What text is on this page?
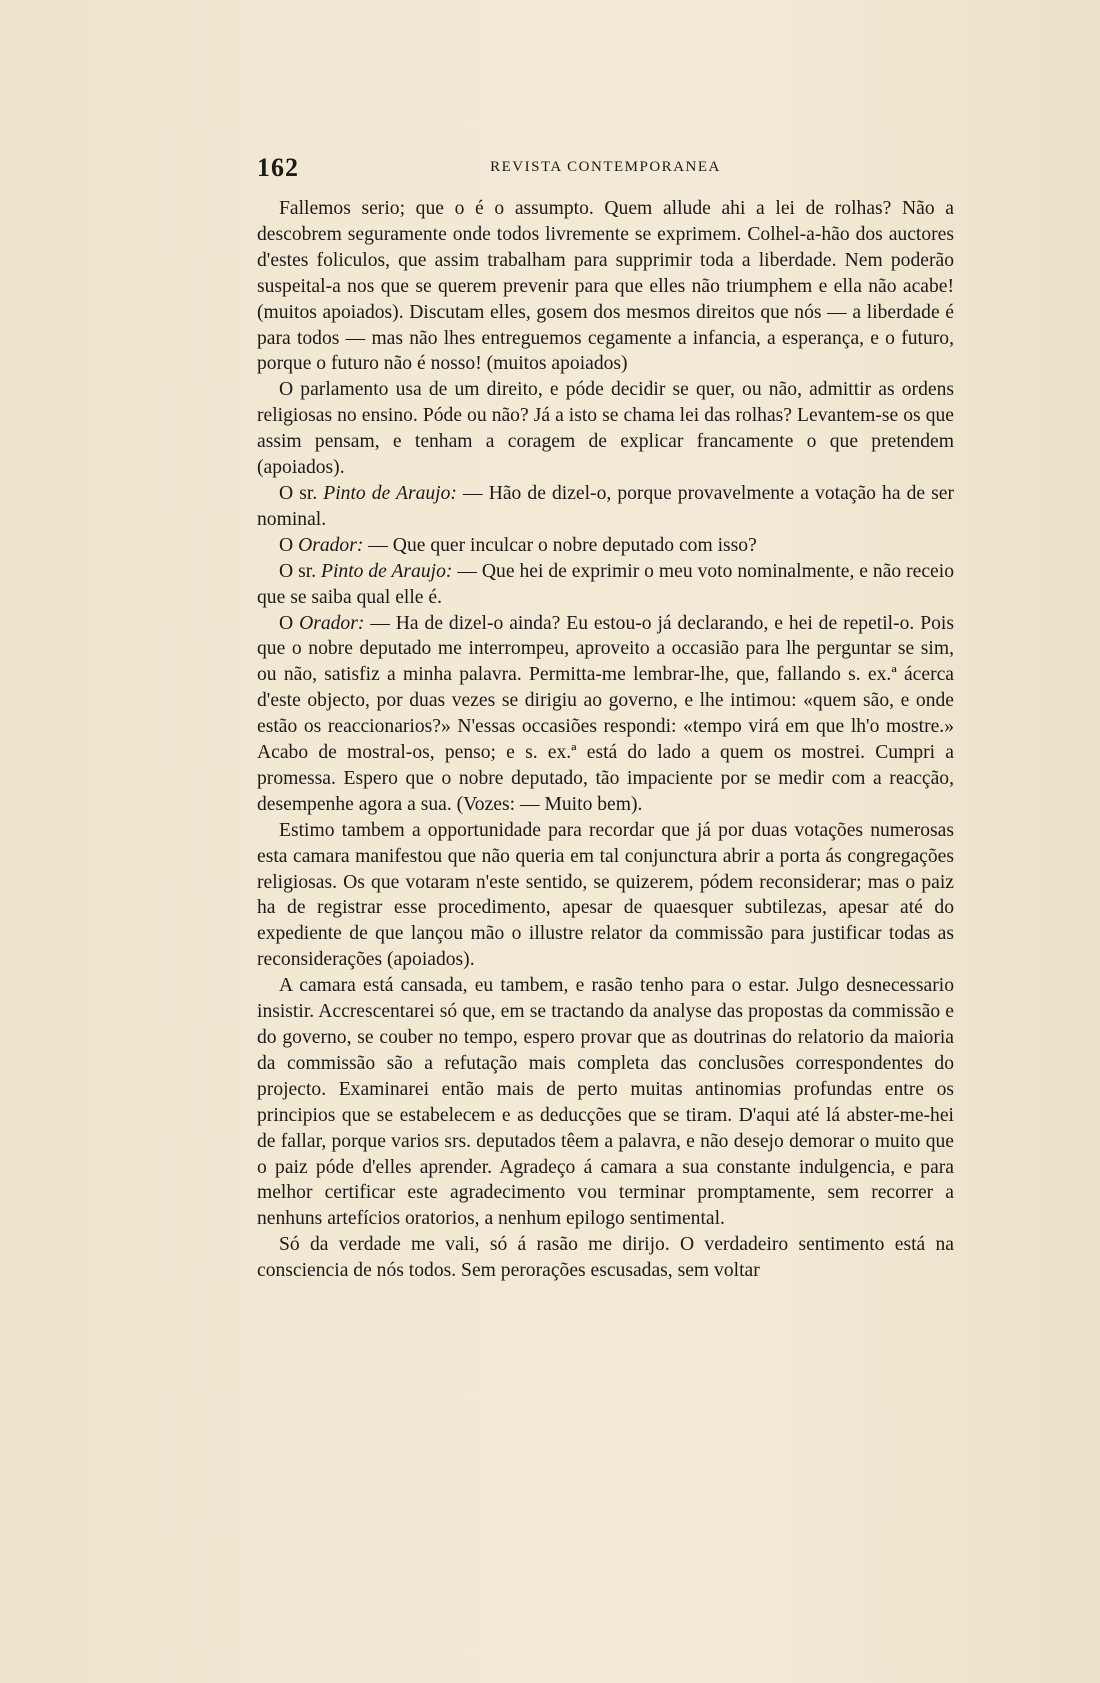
162	REVISTA CONTEMPORANEA

Fallemos serio; que o é o assumpto. Quem allude ahi a lei de rolhas? Não a descobrem seguramente onde todos livremente se exprimem. Colhel-a-hão dos auctores d'estes foliculos, que assim trabalham para supprimir toda a liberdade. Nem poderão suspeital-a nos que se querem prevenir para que elles não triumphem e ella não acabe! (muitos apoiados). Discutam elles, gosem dos mesmos direitos que nós — a liberdade é para todos — mas não lhes entreguemos cegamente a infancia, a esperança, e o futuro, porque o futuro não é nosso! (muitos apoiados)

O parlamento usa de um direito, e póde decidir se quer, ou não, admittir as ordens religiosas no ensino. Póde ou não? Já a isto se chama lei das rolhas? Levantem-se os que assim pensam, e tenham a coragem de explicar francamente o que pretendem (apoiados).

O sr. Pinto de Araujo: — Hão de dizel-o, porque provavelmente a votação ha de ser nominal.

O Orador: — Que quer inculcar o nobre deputado com isso?

O sr. Pinto de Araujo: — Que hei de exprimir o meu voto nominalmente, e não receio que se saiba qual elle é.

O Orador: — Ha de dizel-o ainda? Eu estou-o já declarando, e hei de repetil-o. Pois que o nobre deputado me interrompeu, aproveito a occasião para lhe perguntar se sim, ou não, satisfiz a minha palavra. Permitta-me lembrar-lhe, que, fallando s. ex.ª ácerca d'este objecto, por duas vezes se dirigiu ao governo, e lhe intimou: «quem são, e onde estão os reaccionarios?» N'essas occasiões respondi: «tempo virá em que lh'o mostre.» Acabo de mostral-os, penso; e s. ex.ª está do lado a quem os mostrei. Cumpri a promessa. Espero que o nobre deputado, tão impaciente por se medir com a reacção, desempenhe agora a sua. (Vozes: — Muito bem).

Estimo tambem a opportunidade para recordar que já por duas votações numerosas esta camara manifestou que não queria em tal conjunctura abrir a porta ás congregações religiosas. Os que votaram n'este sentido, se quizerem, pódem reconsiderar; mas o paiz ha de registrar esse procedimento, apesar de quaesquer subtilezas, apesar até do expediente de que lançou mão o illustre relator da commissão para justificar todas as reconsiderações (apoiados).

A camara está cansada, eu tambem, e rasão tenho para o estar. Julgo desnecessario insistir. Accrescentarei só que, em se tractando da analyse das propostas da commissão e do governo, se couber no tempo, espero provar que as doutrinas do relatorio da maioria da commissão são a refutação mais completa das conclusões correspondentes do projecto. Examinarei então mais de perto muitas antinomias profundas entre os principios que se estabelecem e as deducções que se tiram. D'aqui até lá abster-me-hei de fallar, porque varios srs. deputados têem a palavra, e não desejo demorar o muito que o paiz póde d'elles aprender. Agradeço á camara a sua constante indulgencia, e para melhor certificar este agradecimento vou terminar promptamente, sem recorrer a nenhuns artefícios oratorios, a nenhum epilogo sentimental.

Só da verdade me vali, só á rasão me dirijo. O verdadeiro sentimento está na consciencia de nós todos. Sem perorações escusadas, sem voltar
